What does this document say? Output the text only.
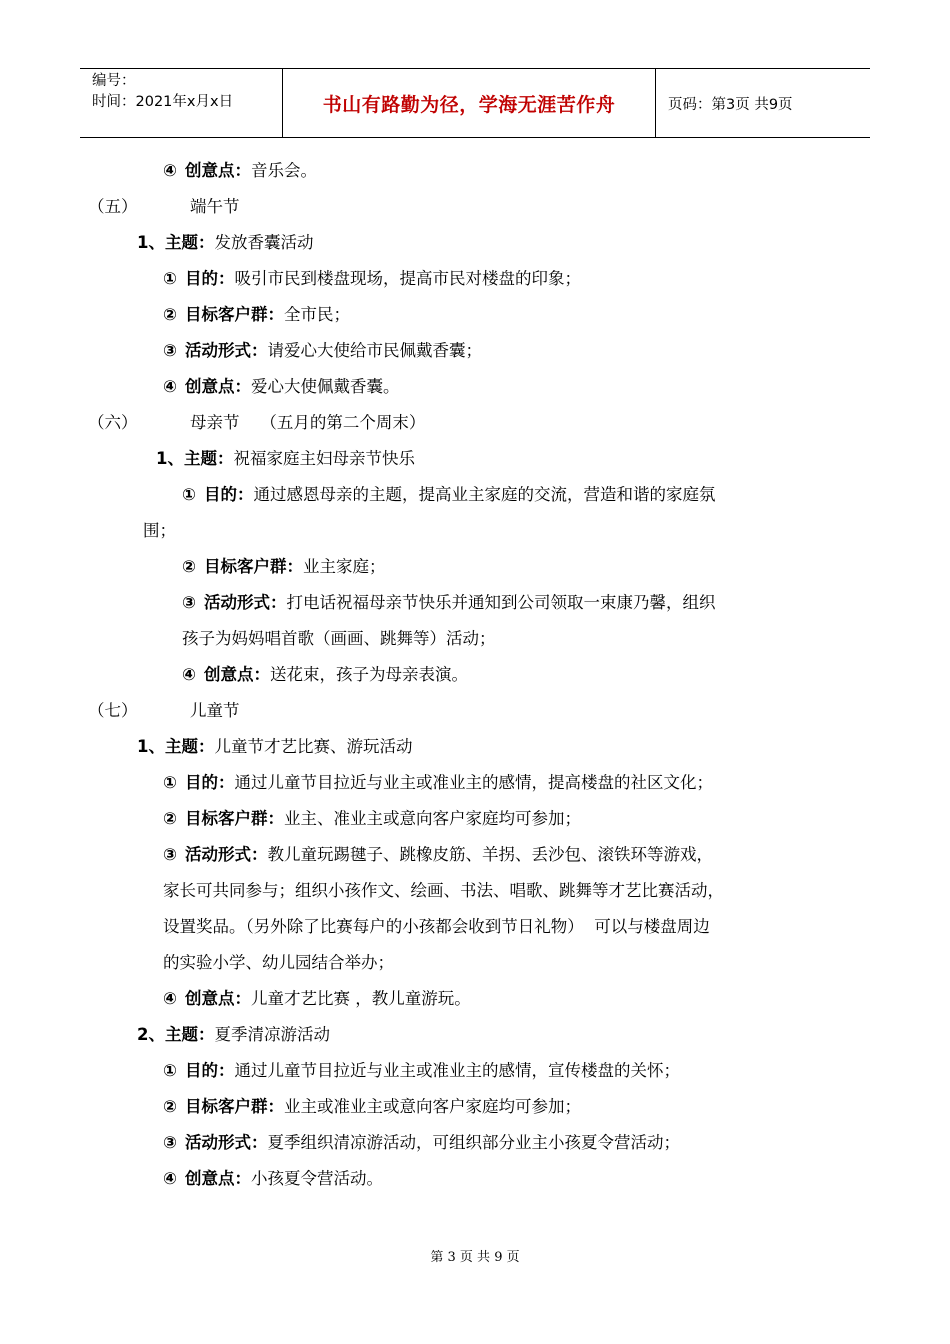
编号：
时间：2021年x月x日	书山有路勤为径，学海无涯苦作舟	页码：第3页 共9页
④ 创意点：音乐会。
（五）          端午节
1、主题：发放香囊活动
① 目的：吸引市民到楼盘现场，提高市民对楼盘的印象；
② 目标客户群：全市民；
③ 活动形式：请爱心大使给市民佩戴香囊；
④ 创意点：爱心大使佩戴香囊。
（六）          母亲节    （五月的第二个周末）
1、主题：祝福家庭主妇母亲节快乐
① 目的：通过感恩母亲的主题，提高业主家庭的交流，营造和谐的家庭氛
围；
② 目标客户群：业主家庭；
③ 活动形式：打电话祝福母亲节快乐并通知到公司领取一束康乃馨，组织
孩子为妈妈唱首歌（画画、跳舞等）活动；
④ 创意点：送花束，孩子为母亲表演。
（七）          儿童节
1、主题：儿童节才艺比赛、游玩活动
① 目的：通过儿童节目拉近与业主或准业主的感情，提高楼盘的社区文化；
② 目标客户群：业主、准业主或意向客户家庭均可参加；
③ 活动形式：教儿童玩踢毽子、跳橡皮筋、羊拐、丢沙包、滚铁环等游戏，
家长可共同参与；组织小孩作文、绘画、书法、唱歌、跳舞等才艺比赛活动，
设置奖品。（另外除了比赛每户的小孩都会收到节日礼物）  可以与楼盘周边
的实验小学、幼儿园结合举办；
④ 创意点：儿童才艺比赛 ，教儿童游玩。
2、主题：夏季清凉游活动
① 目的：通过儿童节目拉近与业主或准业主的感情，宣传楼盘的关怀；
② 目标客户群：业主或准业主或意向客户家庭均可参加；
③ 活动形式：夏季组织清凉游活动，可组织部分业主小孩夏令营活动；
④ 创意点：小孩夏令营活动。
第 3 页 共 9 页
